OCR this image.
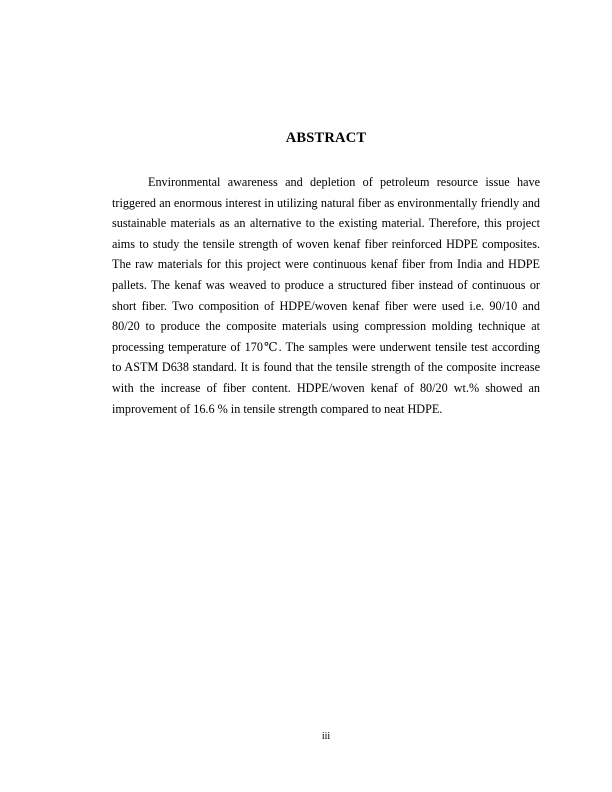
ABSTRACT

Environmental awareness and depletion of petroleum resource issue have triggered an enormous interest in utilizing natural fiber as environmentally friendly and sustainable materials as an alternative to the existing material. Therefore, this project aims to study the tensile strength of woven kenaf fiber reinforced HDPE composites. The raw materials for this project were continuous kenaf fiber from India and HDPE pallets. The kenaf was weaved to produce a structured fiber instead of continuous or short fiber. Two composition of HDPE/woven kenaf fiber were used i.e. 90/10 and 80/20 to produce the composite materials using compression molding technique at processing temperature of 170℃. The samples were underwent tensile test according to ASTM D638 standard. It is found that the tensile strength of the composite increase with the increase of fiber content. HDPE/woven kenaf of 80/20 wt.% showed an improvement of 16.6 % in tensile strength compared to neat HDPE.

iii
